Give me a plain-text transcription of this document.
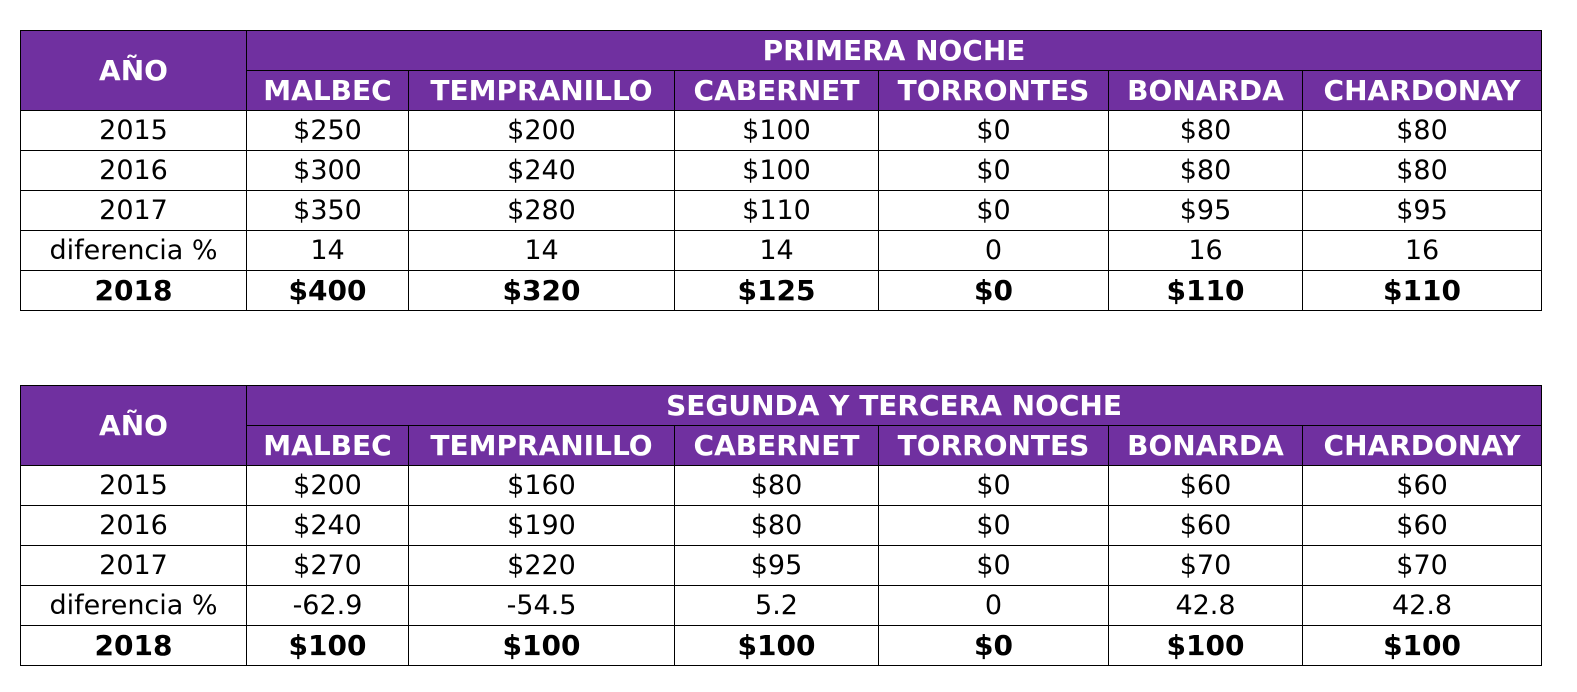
AÑO	PRIMERA NOCHE					
	MALBEC	TEMPRANILLO	CABERNET	TORRONTES	BONARDA	CHARDONAY
2015	$250	$200	$100	$0	$80	$80
2016	$300	$240	$100	$0	$80	$80
2017	$350	$280	$110	$0	$95	$95
diferencia %	14	14	14	0	16	16
2018	$400	$320	$125	$0	$110	$110
AÑO	SEGUNDA Y TERCERA NOCHE					
	MALBEC	TEMPRANILLO	CABERNET	TORRONTES	BONARDA	CHARDONAY
2015	$200	$160	$80	$0	$60	$60
2016	$240	$190	$80	$0	$60	$60
2017	$270	$220	$95	$0	$70	$70
diferencia %	-62.9	-54.5	5.2	0	42.8	42.8
2018	$100	$100	$100	$0	$100	$100
